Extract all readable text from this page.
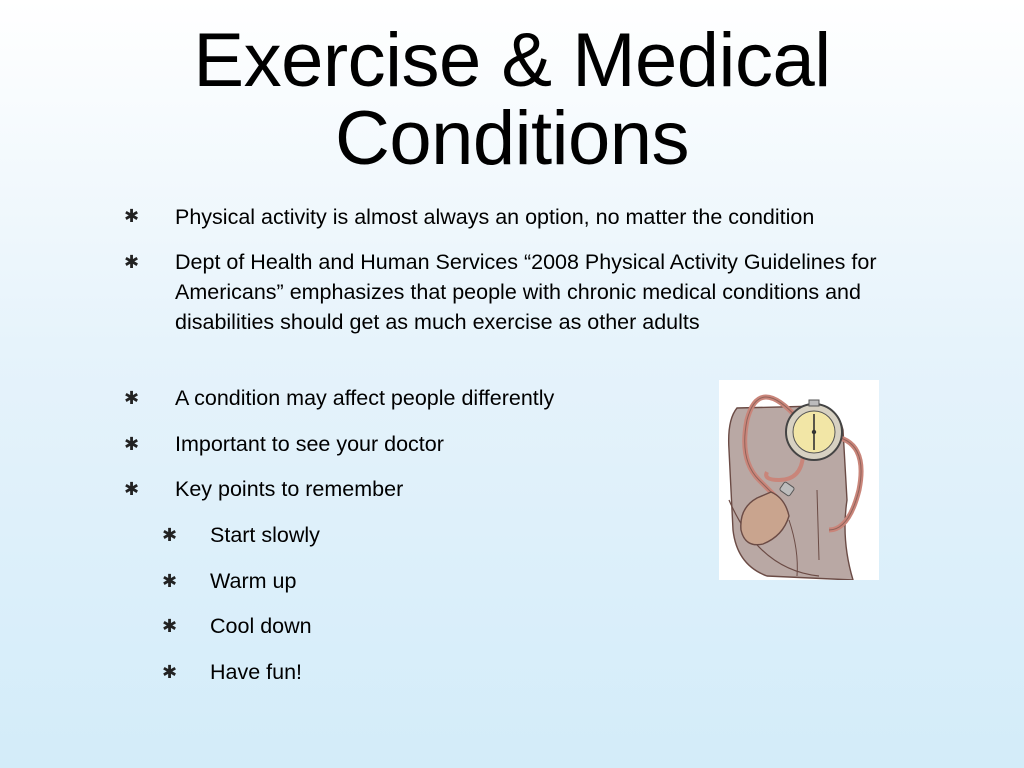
Exercise & Medical Conditions
✱ Physical activity is almost always an option, no matter the condition
✱ Dept of Health and Human Services “2008 Physical Activity Guidelines for Americans” emphasizes that people with chronic medical conditions and disabilities should get as much exercise as other adults
✱ A condition may affect people differently
✱ Important to see your doctor
✱ Key points to remember
✱ Start slowly
✱ Warm up
✱ Cool down
✱ Have fun!
